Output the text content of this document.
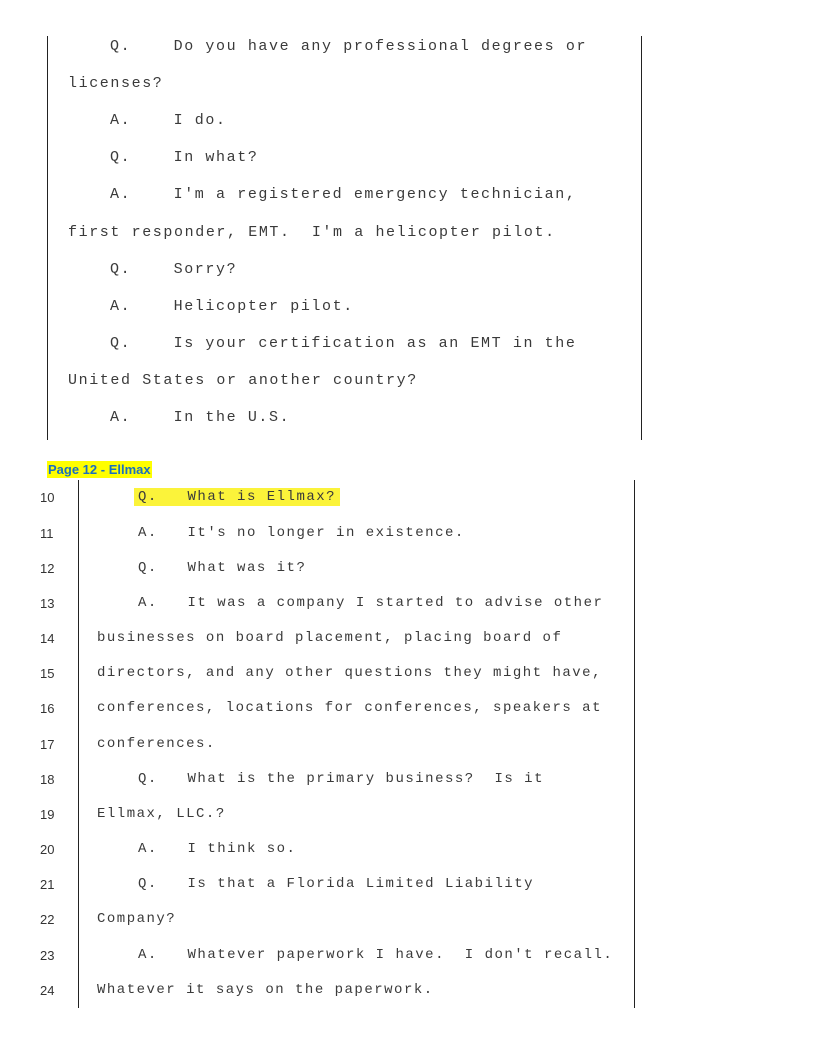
Q.	Do you have any professional degrees or
licenses?
A.	I do.
Q.	In what?
A.	I'm a registered emergency technician,
first responder, EMT.  I'm a helicopter pilot.
Q.	Sorry?
A.	Helicopter pilot.
Q.	Is your certification as an EMT in the
United States or another country?
A.	In the U.S.
Page 12 - Ellmax
10	Q. What is Ellmax?
11	A. It's no longer in existence.
12	Q. What was it?
13	A. It was a company I started to advise other
14	businesses on board placement, placing board of
15	directors, and any other questions they might have,
16	conferences, locations for conferences, speakers at
17	conferences.
18	Q. What is the primary business?  Is it
19	Ellmax, LLC.?
20	A. I think so.
21	Q. Is that a Florida Limited Liability
22	Company?
23	A. Whatever paperwork I have.  I don't recall.
24	Whatever it says on the paperwork.
